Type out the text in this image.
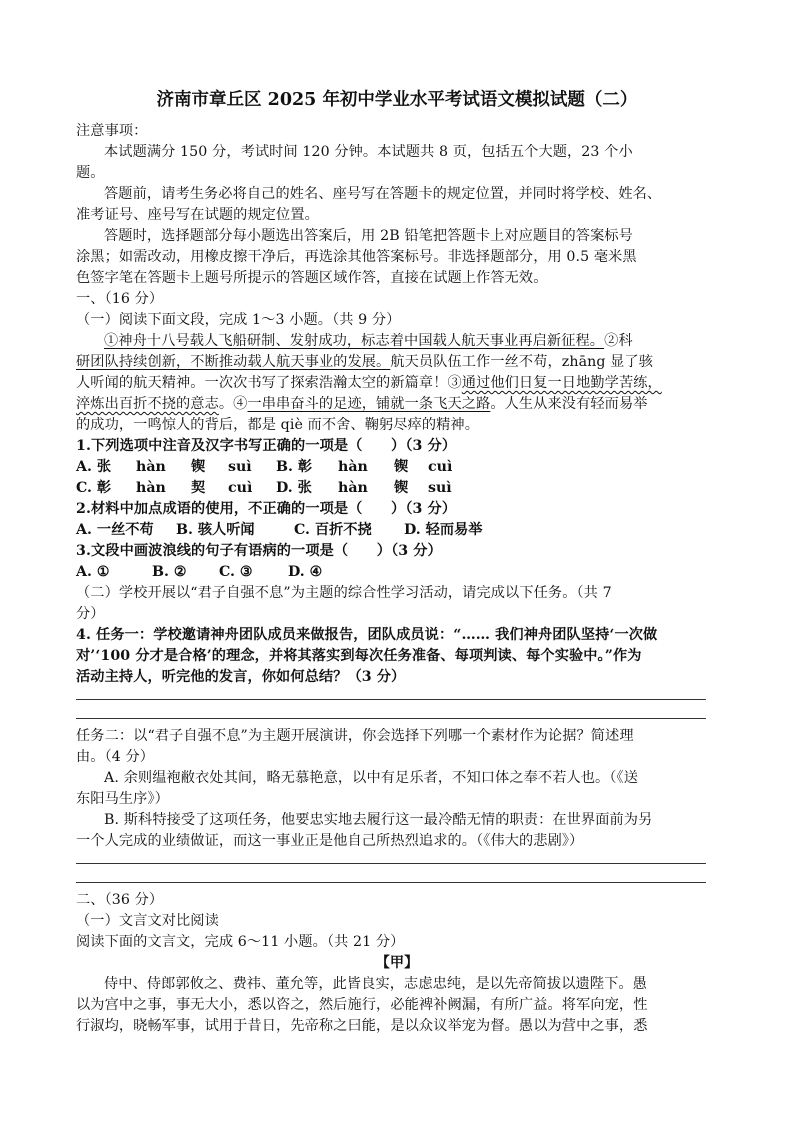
济南市章丘区 2025 年初中学业水平考试语文模拟试题（二）
注意事项：
本试题满分 150 分，考试时间 120 分钟。本试题共 8 页，包括五个大题，23 个小
题。
答题前，请考生务必将自己的姓名、座号写在答题卡的规定位置，并同时将学校、姓名、
准考证号、座号写在试题的规定位置。
答题时，选择题部分每小题选出答案后，用 2B 铅笔把答题卡上对应题目的答案标号
涂黑；如需改动，用橡皮擦干净后，再选涂其他答案标号。非选择题部分，用 0.5 毫米黑
色签字笔在答题卡上题号所提示的答题区域作答，直接在试题上作答无效。
一、（16 分）
（一）阅读下面文段，完成 1～3 小题。（共 9 分）
①神舟十八号载人飞船研制、发射成功，标志着中国载人航天事业再启新征程。②科
研团队持续创新，不断推动载人航天事业的发展。航天员队伍工作一丝不苟，zhāng 显了骇
人听闻的航天精神。一次次书写了探索浩瀚太空的新篇章！③通过他们日复一日地勤学苦练，
淬炼出百折不挠的意志。④一串串奋斗的足迹，铺就一条飞天之路。人生从来没有轻而易举
的成功，一鸣惊人的背后，都是 qiè 而不舍、鞠躬尽瘁的精神。
1.下列选项中注音及汉字书写正确的一项是（　　）（3 分）
A. 张 hàn 锲 suì B. 彰 hàn 锲 cuì
C. 彰 hàn 契 cuì D. 张 hàn 锲 suì
2.材料中加点成语的使用，不正确的一项是（　　）（3 分）
A. 一丝不苟 B. 骇人听闻	C. 百折不挠 D. 轻而易举
3.文段中画波浪线的句子有语病的一项是（　　）（3 分）
A. ①	B. ② C. ③ D. ④
（二）学校开展以“君子自强不息”为主题的综合性学习活动，请完成以下任务。（共 7
分）
4. 任务一：学校邀请神舟团队成员来做报告，团队成员说：“…… 我们神舟团队坚持‘一次做
对’‘100 分才是合格’的理念，并将其落实到每次任务准备、每项判读、每个实验中。”作为
活动主持人，听完他的发言，你如何总结？（3 分）
任务二：以“君子自强不息”为主题开展演讲，你会选择下列哪一个素材作为论据？简述理
由。（4 分）
A. 余则缊袍敝衣处其间，略无慕艳意，以中有足乐者，不知口体之奉不若人也。（《送
东阳马生序》）
B. 斯科特接受了这项任务，他要忠实地去履行这一最冷酷无情的职责：在世界面前为另
一个人完成的业绩做证，而这一事业正是他自己所热烈追求的。（《伟大的悲剧》）
二、（36 分）
（一）文言文对比阅读
阅读下面的文言文，完成 6～11 小题。（共 21 分）
【甲】
侍中、侍郎郭攸之、费祎、董允等，此皆良实，志虑忠纯，是以先帝简拔以遗陛下。愚
以为宫中之事，事无大小，悉以咨之，然后施行，必能裨补阙漏，有所广益。将军向宠，性
行淑均，晓畅军事，试用于昔日，先帝称之曰能，是以众议举宠为督。愚以为营中之事，悉
